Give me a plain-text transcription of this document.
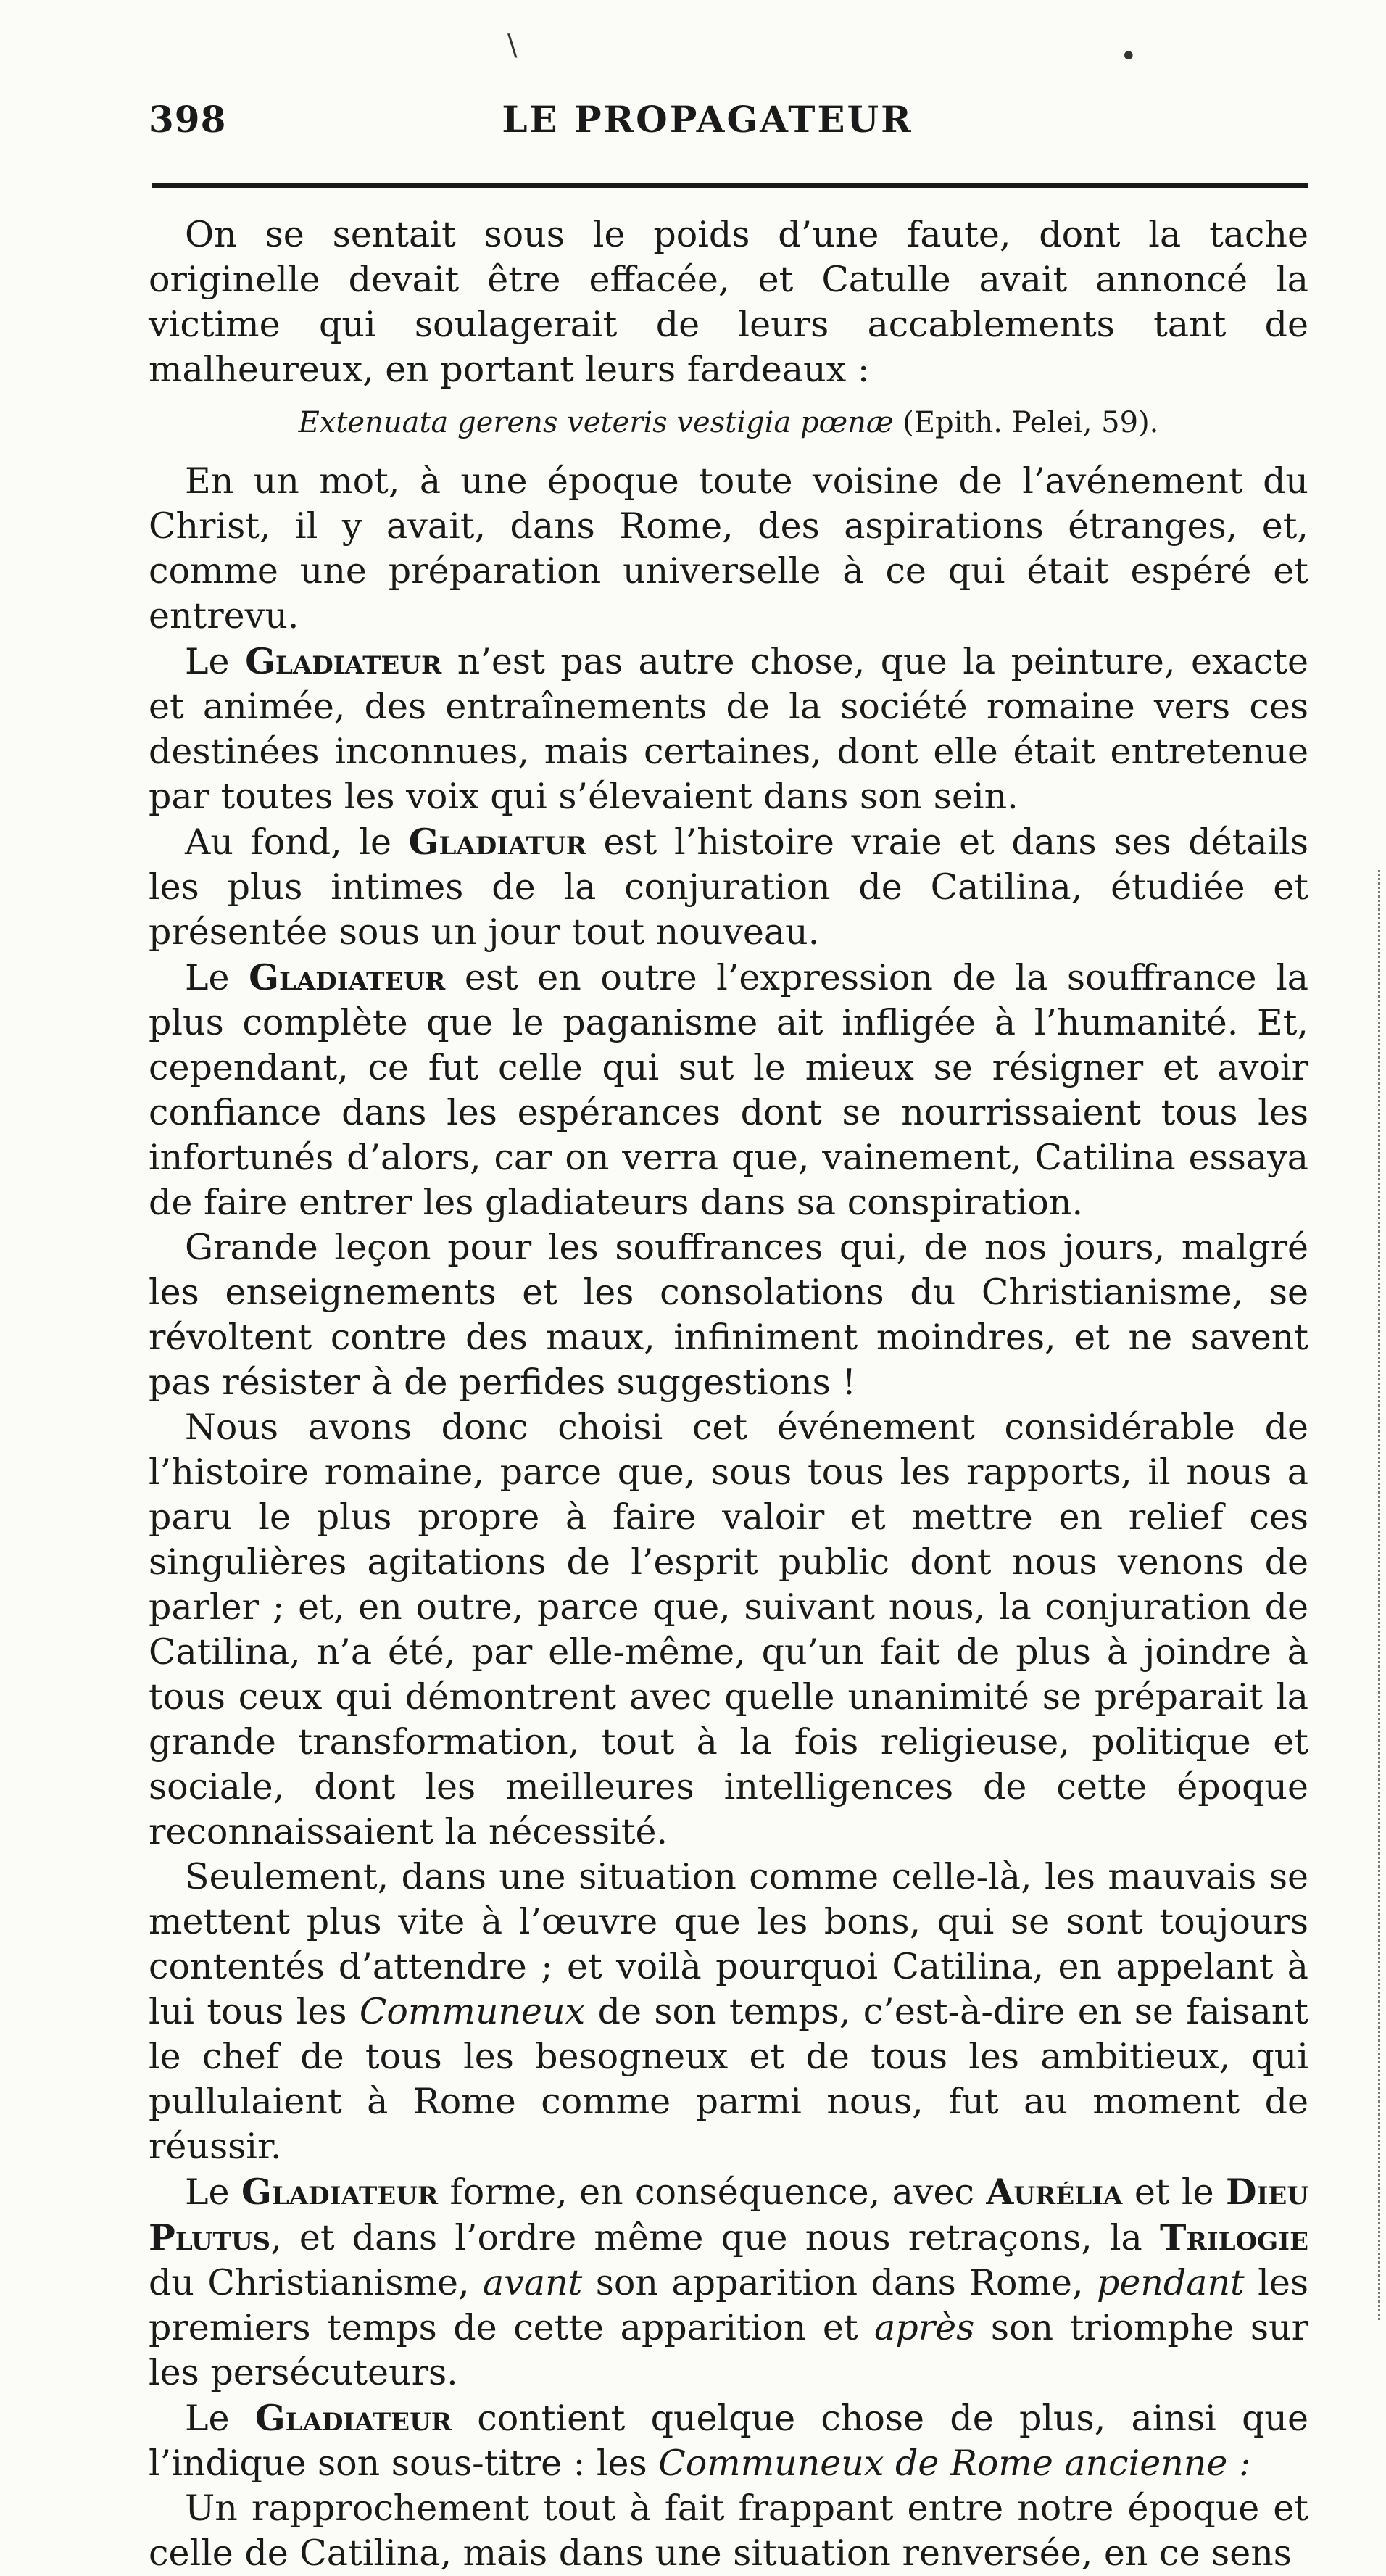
\	•
398	LE PROPAGATEUR

On se sentait sous le poids d’une faute, dont la tache originelle devait être effacée, et Catulle avait annoncé la victime qui soulagerait de leurs accablements tant de malheureux, en portant leurs fardeaux :

Extenuata gerens veteris vestigia pœnæ (Epith. Pelei, 59).

En un mot, à une époque toute voisine de l’avénement du Christ, il y avait, dans Rome, des aspirations étranges, et, comme une préparation universelle à ce qui était espéré et entrevu.

Le Gladiateur n’est pas autre chose, que la peinture, exacte et animée, des entraînements de la société romaine vers ces destinées inconnues, mais certaines, dont elle était entretenue par toutes les voix qui s’élevaient dans son sein.

Au fond, le Gladiatur est l’histoire vraie et dans ses détails les plus intimes de la conjuration de Catilina, étudiée et présentée sous un jour tout nouveau.

Le Gladiateur est en outre l’expression de la souffrance la plus complète que le paganisme ait infligée à l’humanité. Et, cependant, ce fut celle qui sut le mieux se résigner et avoir confiance dans les espérances dont se nourrissaient tous les infortunés d’alors, car on verra que, vainement, Catilina essaya de faire entrer les gladiateurs dans sa conspiration.

Grande leçon pour les souffrances qui, de nos jours, malgré les enseignements et les consolations du Christianisme, se révoltent contre des maux, infiniment moindres, et ne savent pas résister à de perfides suggestions !

Nous avons donc choisi cet événement considérable de l’histoire romaine, parce que, sous tous les rapports, il nous a paru le plus propre à faire valoir et mettre en relief ces singulières agitations de l’esprit public dont nous venons de parler ; et, en outre, parce que, suivant nous, la conjuration de Catilina, n’a été, par elle-même, qu’un fait de plus à joindre à tous ceux qui démontrent avec quelle unanimité se préparait la grande transformation, tout à la fois religieuse, politique et sociale, dont les meilleures intelligences de cette époque reconnaissaient la nécessité.

Seulement, dans une situation comme celle-là, les mauvais se mettent plus vite à l’œuvre que les bons, qui se sont toujours contentés d’attendre ; et voilà pourquoi Catilina, en appelant à lui tous les Communeux de son temps, c’est-à-dire en se faisant le chef de tous les besogneux et de tous les ambitieux, qui pullulaient à Rome comme parmi nous, fut au moment de réussir.

Le Gladiateur forme, en conséquence, avec Aurélia et le Dieu Plutus, et dans l’ordre même que nous retraçons, la Trilogie du Christianisme, avant son apparition dans Rome, pendant les premiers temps de cette apparition et après son triomphe sur les persécuteurs.

Le Gladiateur contient quelque chose de plus, ainsi que l’indique son sous-titre : les Communeux de Rome ancienne :

Un rapprochement tout à fait frappant entre notre époque et celle de Catilina, mais dans une situation renversée, en ce sens
